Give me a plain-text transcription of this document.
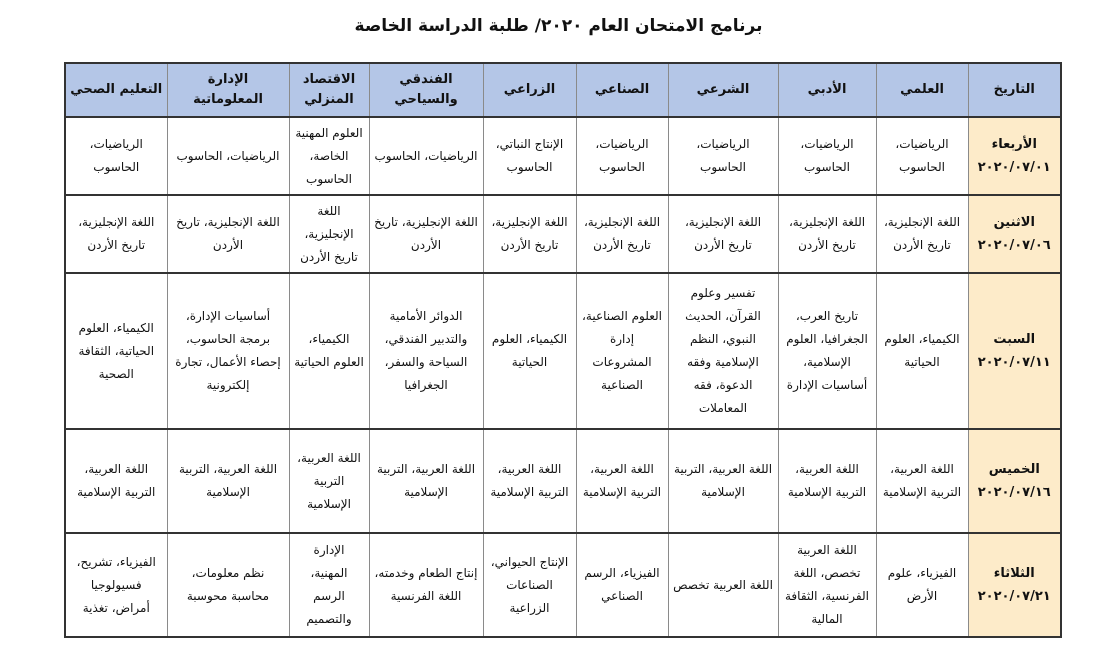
برنامج الامتحان العام ٢٠٢٠/ طلبة الدراسة الخاصة
التاريخ	العلمي	الأدبي	الشرعي	الصناعي	الزراعي	الفندقي والسياحي	الاقتصاد المنزلي	الإدارة المعلوماتية	التعليم الصحي

الأربعاء
٢٠٢٠/٠٧/٠١	الرياضيات، الحاسوب	الرياضيات، الحاسوب	الرياضيات، الحاسوب	الرياضيات، الحاسوب	الإنتاج النباتي، الحاسوب	الرياضيات، الحاسوب	العلوم المهنية الخاصة، الحاسوب	الرياضيات، الحاسوب	الرياضيات، الحاسوب

الاثنين
٢٠٢٠/٠٧/٠٦	اللغة الإنجليزية، تاريخ الأردن	اللغة الإنجليزية، تاريخ الأردن	اللغة الإنجليزية، تاريخ الأردن	اللغة الإنجليزية، تاريخ الأردن	اللغة الإنجليزية، تاريخ الأردن	اللغة الإنجليزية، تاريخ الأردن	اللغة الإنجليزية، تاريخ الأردن	اللغة الإنجليزية، تاريخ الأردن	اللغة الإنجليزية، تاريخ الأردن

السبت
٢٠٢٠/٠٧/١١	الكيمياء، العلوم الحياتية	تاريخ العرب، الجغرافيا، العلوم الإسلامية، أساسيات الإدارة	تفسير وعلوم القرآن، الحديث النبوي، النظم الإسلامية وفقه الدعوة، فقه المعاملات	العلوم الصناعية، إدارة المشروعات الصناعية	الكيمياء، العلوم الحياتية	الدوائر الأمامية والتدبير الفندقي، السياحة والسفر، الجغرافيا	الكيمياء، العلوم الحياتية	أساسيات الإدارة، برمجة الحاسوب، إحصاء الأعمال، تجارة إلكترونية	الكيمياء، العلوم الحياتية، الثقافة الصحية

الخميس
٢٠٢٠/٠٧/١٦	اللغة العربية، التربية الإسلامية	اللغة العربية، التربية الإسلامية	اللغة العربية، التربية الإسلامية	اللغة العربية، التربية الإسلامية	اللغة العربية، التربية الإسلامية	اللغة العربية، التربية الإسلامية	اللغة العربية، التربية الإسلامية	اللغة العربية، التربية الإسلامية	اللغة العربية، التربية الإسلامية

الثلاثاء
٢٠٢٠/٠٧/٢١	الفيزياء، علوم الأرض	اللغة العربية تخصص، اللغة الفرنسية، الثقافة المالية	اللغة العربية تخصص	الفيزياء، الرسم الصناعي	الإنتاج الحيواني، الصناعات الزراعية	إنتاج الطعام وخدمته، اللغة الفرنسية	الإدارة المهنية، الرسم والتصميم	نظم معلومات، محاسبة محوسبة	الفيزياء، تشريح، فسيولوجيا أمراض، تغذية
